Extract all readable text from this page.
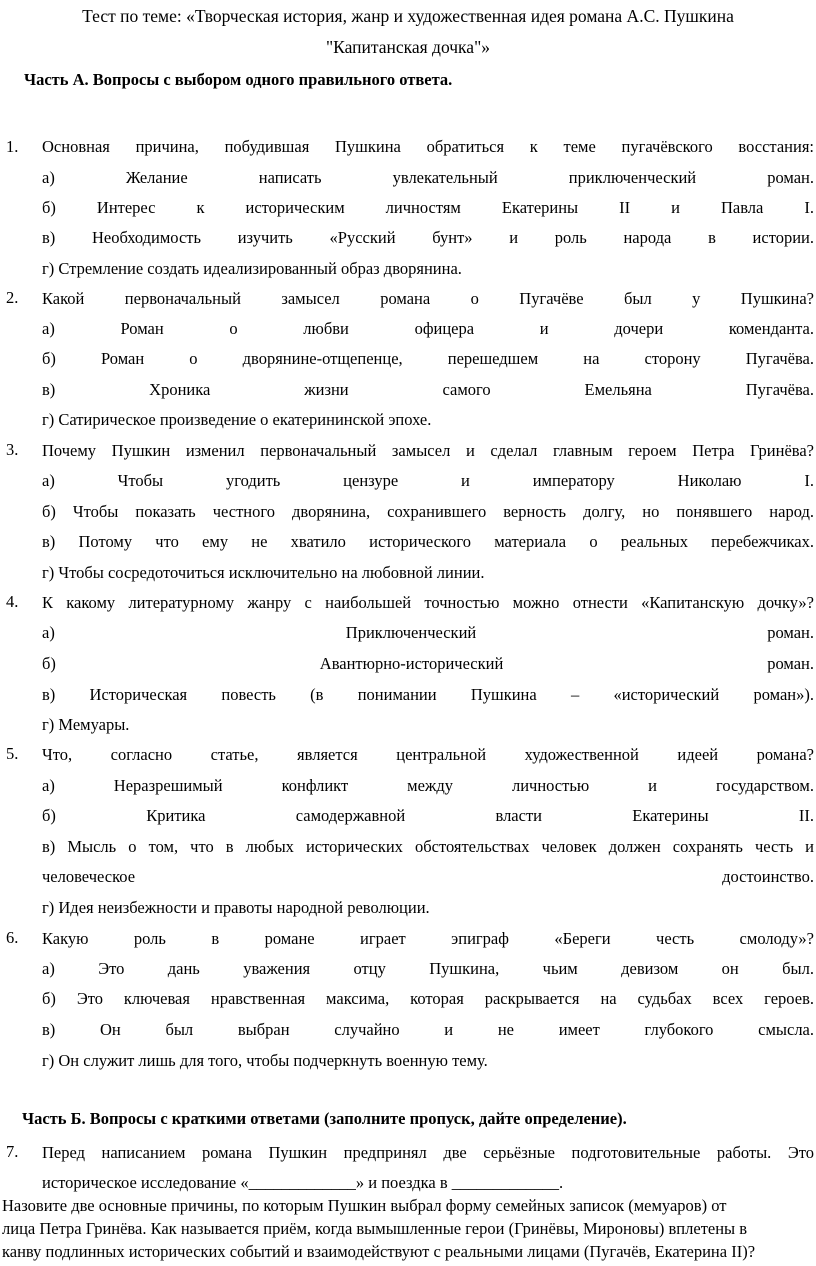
Тест по теме: «Творческая история, жанр и художественная идея романа А.С. Пушкина
"Капитанская дочка"»
Часть А. Вопросы с выбором одного правильного ответа.
1. Основная причина, побудившая Пушкина обратиться к теме пугачёвского восстания:
а) Желание написать увлекательный приключенческий роман.
б) Интерес к историческим личностям Екатерины II и Павла I.
в) Необходимость изучить «Русский бунт» и роль народа в истории.
г) Стремление создать идеализированный образ дворянина.
2. Какой первоначальный замысел романа о Пугачёве был у Пушкина?
а) Роман о любви офицера и дочери коменданта.
б) Роман о дворянине-отщепенце, перешедшем на сторону Пугачёва.
в) Хроника жизни самого Емельяна Пугачёва.
г) Сатирическое произведение о екатерининской эпохе.
3. Почему Пушкин изменил первоначальный замысел и сделал главным героем Петра Гринёва?
а) Чтобы угодить цензуре и императору Николаю I.
б) Чтобы показать честного дворянина, сохранившего верность долгу, но понявшего народ.
в) Потому что ему не хватило исторического материала о реальных перебежчиках.
г) Чтобы сосредоточиться исключительно на любовной линии.
4. К какому литературному жанру с наибольшей точностью можно отнести «Капитанскую дочку»?
а) Приключенческий роман.
б) Авантюрно-исторический роман.
в) Историческая повесть (в понимании Пушкина – «исторический роман»).
г) Мемуары.
5. Что, согласно статье, является центральной художественной идеей романа?
а) Неразрешимый конфликт между личностью и государством.
б) Критика самодержавной власти Екатерины II.
в) Мысль о том, что в любых исторических обстоятельствах человек должен сохранять честь и
человеческое достоинство.
г) Идея неизбежности и правоты народной революции.
6. Какую роль в романе играет эпиграф «Береги честь смолоду»?
а) Это дань уважения отцу Пушкина, чьим девизом он был.
б) Это ключевая нравственная максима, которая раскрывается на судьбах всех героев.
в) Он был выбран случайно и не имеет глубокого смысла.
г) Он служит лишь для того, чтобы подчеркнуть военную тему.
Часть Б. Вопросы с краткими ответами (заполните пропуск, дайте определение).
7. Перед написанием романа Пушкин предпринял две серьёзные подготовительные работы. Это
историческое исследование «_____________» и поездка в _____________.
Назовите две основные причины, по которым Пушкин выбрал форму семейных записок (мемуаров) от
лица Петра Гринёва. Как называется приём, когда вымышленные герои (Гринёвы, Мироновы) вплетены в
канву подлинных исторических событий и взаимодействуют с реальными лицами (Пугачёв, Екатерина II)?
